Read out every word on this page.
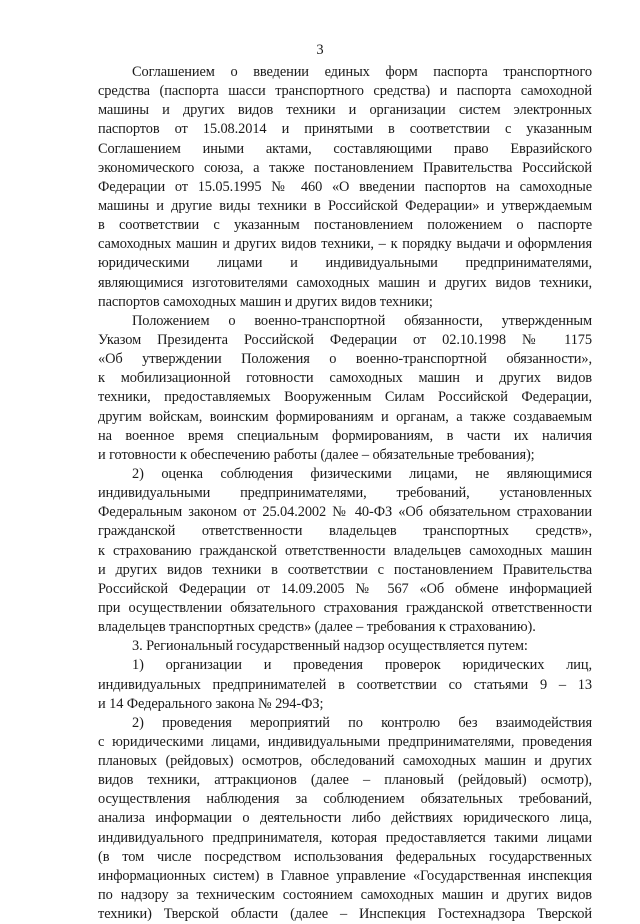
3
Соглашением о введении единых форм паспорта транспортного
средства (паспорта шасси транспортного средства) и паспорта самоходной
машины и других видов техники и организации систем электронных
паспортов от 15.08.2014 и принятыми в соответствии с указанным
Соглашением иными актами, составляющими право Евразийского
экономического союза, а также постановлением Правительства Российской
Федерации от 15.05.1995 № 460 «О введении паспортов на самоходные
машины и другие виды техники в Российской Федерации» и утверждаемым
в соответствии с указанным постановлением положением о паспорте
самоходных машин и других видов техники, – к порядку выдачи и оформления
юридическими лицами и индивидуальными предпринимателями,
являющимися изготовителями самоходных машин и других видов техники,
паспортов самоходных машин и других видов техники;
Положением о военно-транспортной обязанности, утвержденным
Указом Президента Российской Федерации от 02.10.1998 № 1175
«Об утверждении Положения о военно-транспортной обязанности»,
к мобилизационной готовности самоходных машин и других видов
техники, предоставляемых Вооруженным Силам Российской Федерации,
другим войскам, воинским формированиям и органам, а также создаваемым
на военное время специальным формированиям, в части их наличия
и готовности к обеспечению работы (далее – обязательные требования);
2) оценка соблюдения физическими лицами, не являющимися
индивидуальными предпринимателями, требований, установленных
Федеральным законом от 25.04.2002 № 40-ФЗ «Об обязательном страховании
гражданской ответственности владельцев транспортных средств»,
к страхованию гражданской ответственности владельцев самоходных машин
и других видов техники в соответствии с постановлением Правительства
Российской Федерации от 14.09.2005 № 567 «Об обмене информацией
при осуществлении обязательного страхования гражданской ответственности
владельцев транспортных средств» (далее – требования к страхованию).
3. Региональный государственный надзор осуществляется путем:
1) организации и проведения проверок юридических лиц,
индивидуальных предпринимателей в соответствии со статьями 9 – 13
и 14 Федерального закона № 294-ФЗ;
2) проведения мероприятий по контролю без взаимодействия
с юридическими лицами, индивидуальными предпринимателями, проведения
плановых (рейдовых) осмотров, обследований самоходных машин и других
видов техники, аттракционов (далее – плановый (рейдовый) осмотр),
осуществления наблюдения за соблюдением обязательных требований,
анализа информации о деятельности либо действиях юридического лица,
индивидуального предпринимателя, которая предоставляется такими лицами
(в том числе посредством использования федеральных государственных
информационных систем) в Главное управление «Государственная инспекция
по надзору за техническим состоянием самоходных машин и других видов
техники) Тверской области (далее – Инспекция Гостехнадзора Тверской
